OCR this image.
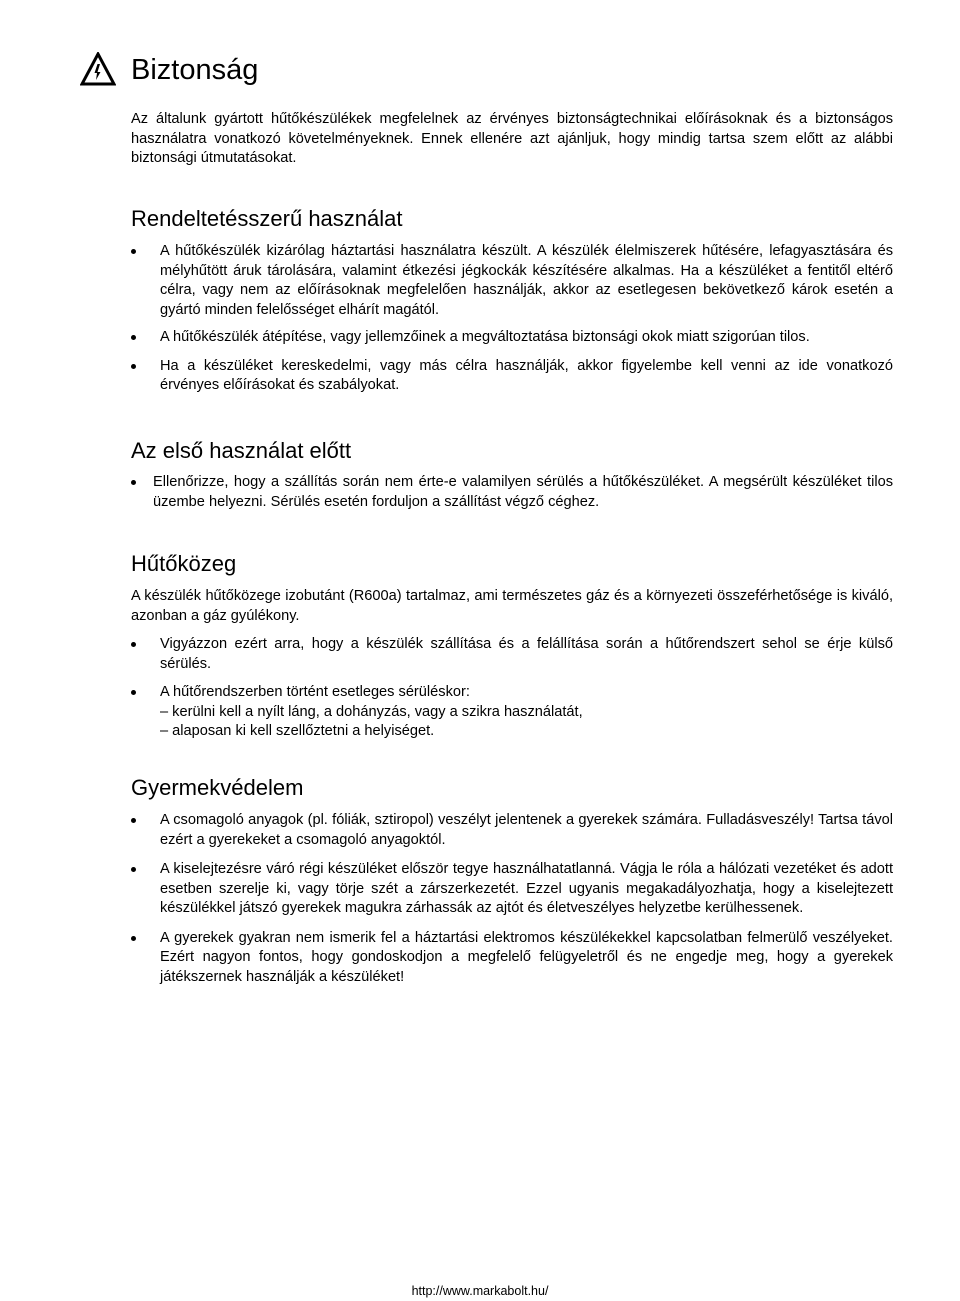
Biztonság
Az általunk gyártott hűtőkészülékek megfelelnek az érvényes biztonságtechnikai előírásoknak és a biztonságos használatra vonatkozó követelményeknek. Ennek ellenére azt ajánljuk, hogy mindig tartsa szem előtt az alábbi biztonsági útmutatásokat.
Rendeltetésszerű használat
A hűtőkészülék kizárólag háztartási használatra készült. A készülék élelmiszerek hűtésére, lefagyasztására és mélyhűtött áruk tárolására, valamint étkezési jégkockák készítésére alkalmas. Ha a készüléket a fentitől eltérő célra, vagy nem az előírásoknak megfelelően használják, akkor az esetlegesen bekövetkező károk esetén a gyártó minden felelősséget elhárít magától.
A hűtőkészülék átépítése, vagy jellemzőinek a megváltoztatása biztonsági okok miatt szigorúan tilos.
Ha a készüléket kereskedelmi, vagy más célra használják, akkor figyelembe kell venni az ide vonatkozó érvényes előírásokat és szabályokat.
Az első használat előtt
Ellenőrizze, hogy a szállítás során nem érte-e valamilyen sérülés a hűtőkészüléket. A megsérült készüléket tilos üzembe helyezni. Sérülés esetén forduljon a szállítást végző céghez.
Hűtőközeg
A készülék hűtőközege izobutánt (R600a) tartalmaz, ami természetes gáz és a környezeti összeférhetősége is kiváló, azonban a gáz gyúlékony.
Vigyázzon ezért arra, hogy a készülék szállítása és a felállítása során a hűtőrendszert sehol se érje külső sérülés.
A hűtőrendszerben történt esetleges sérüléskor:
– kerülni kell a nyílt láng, a dohányzás, vagy a szikra használatát,
– alaposan ki kell szellőztetni a helyiséget.
Gyermekvédelem
A csomagoló anyagok (pl. fóliák, sztiropol) veszélyt jelentenek a gyerekek számára. Fulladásveszély! Tartsa távol ezért a gyerekeket a csomagoló anyagoktól.
A kiselejtezésre váró régi készüléket először tegye használhatatlanná. Vágja le róla a hálózati vezetéket és adott esetben szerelje ki, vagy törje szét a zárszerkezetét. Ezzel ugyanis megakadályozhatja, hogy a kiselejtezett készülékkel játszó gyerekek magukra zárhassák az ajtót és életveszélyes helyzetbe kerülhessenek.
A gyerekek gyakran nem ismerik fel a háztartási elektromos készülékekkel kapcsolatban felmerülő veszélyeket. Ezért nagyon fontos, hogy gondoskodjon a megfelelő felügyeletről és ne engedje meg, hogy a gyerekek játékszernek használják a készüléket!
http://www.markabolt.hu/
